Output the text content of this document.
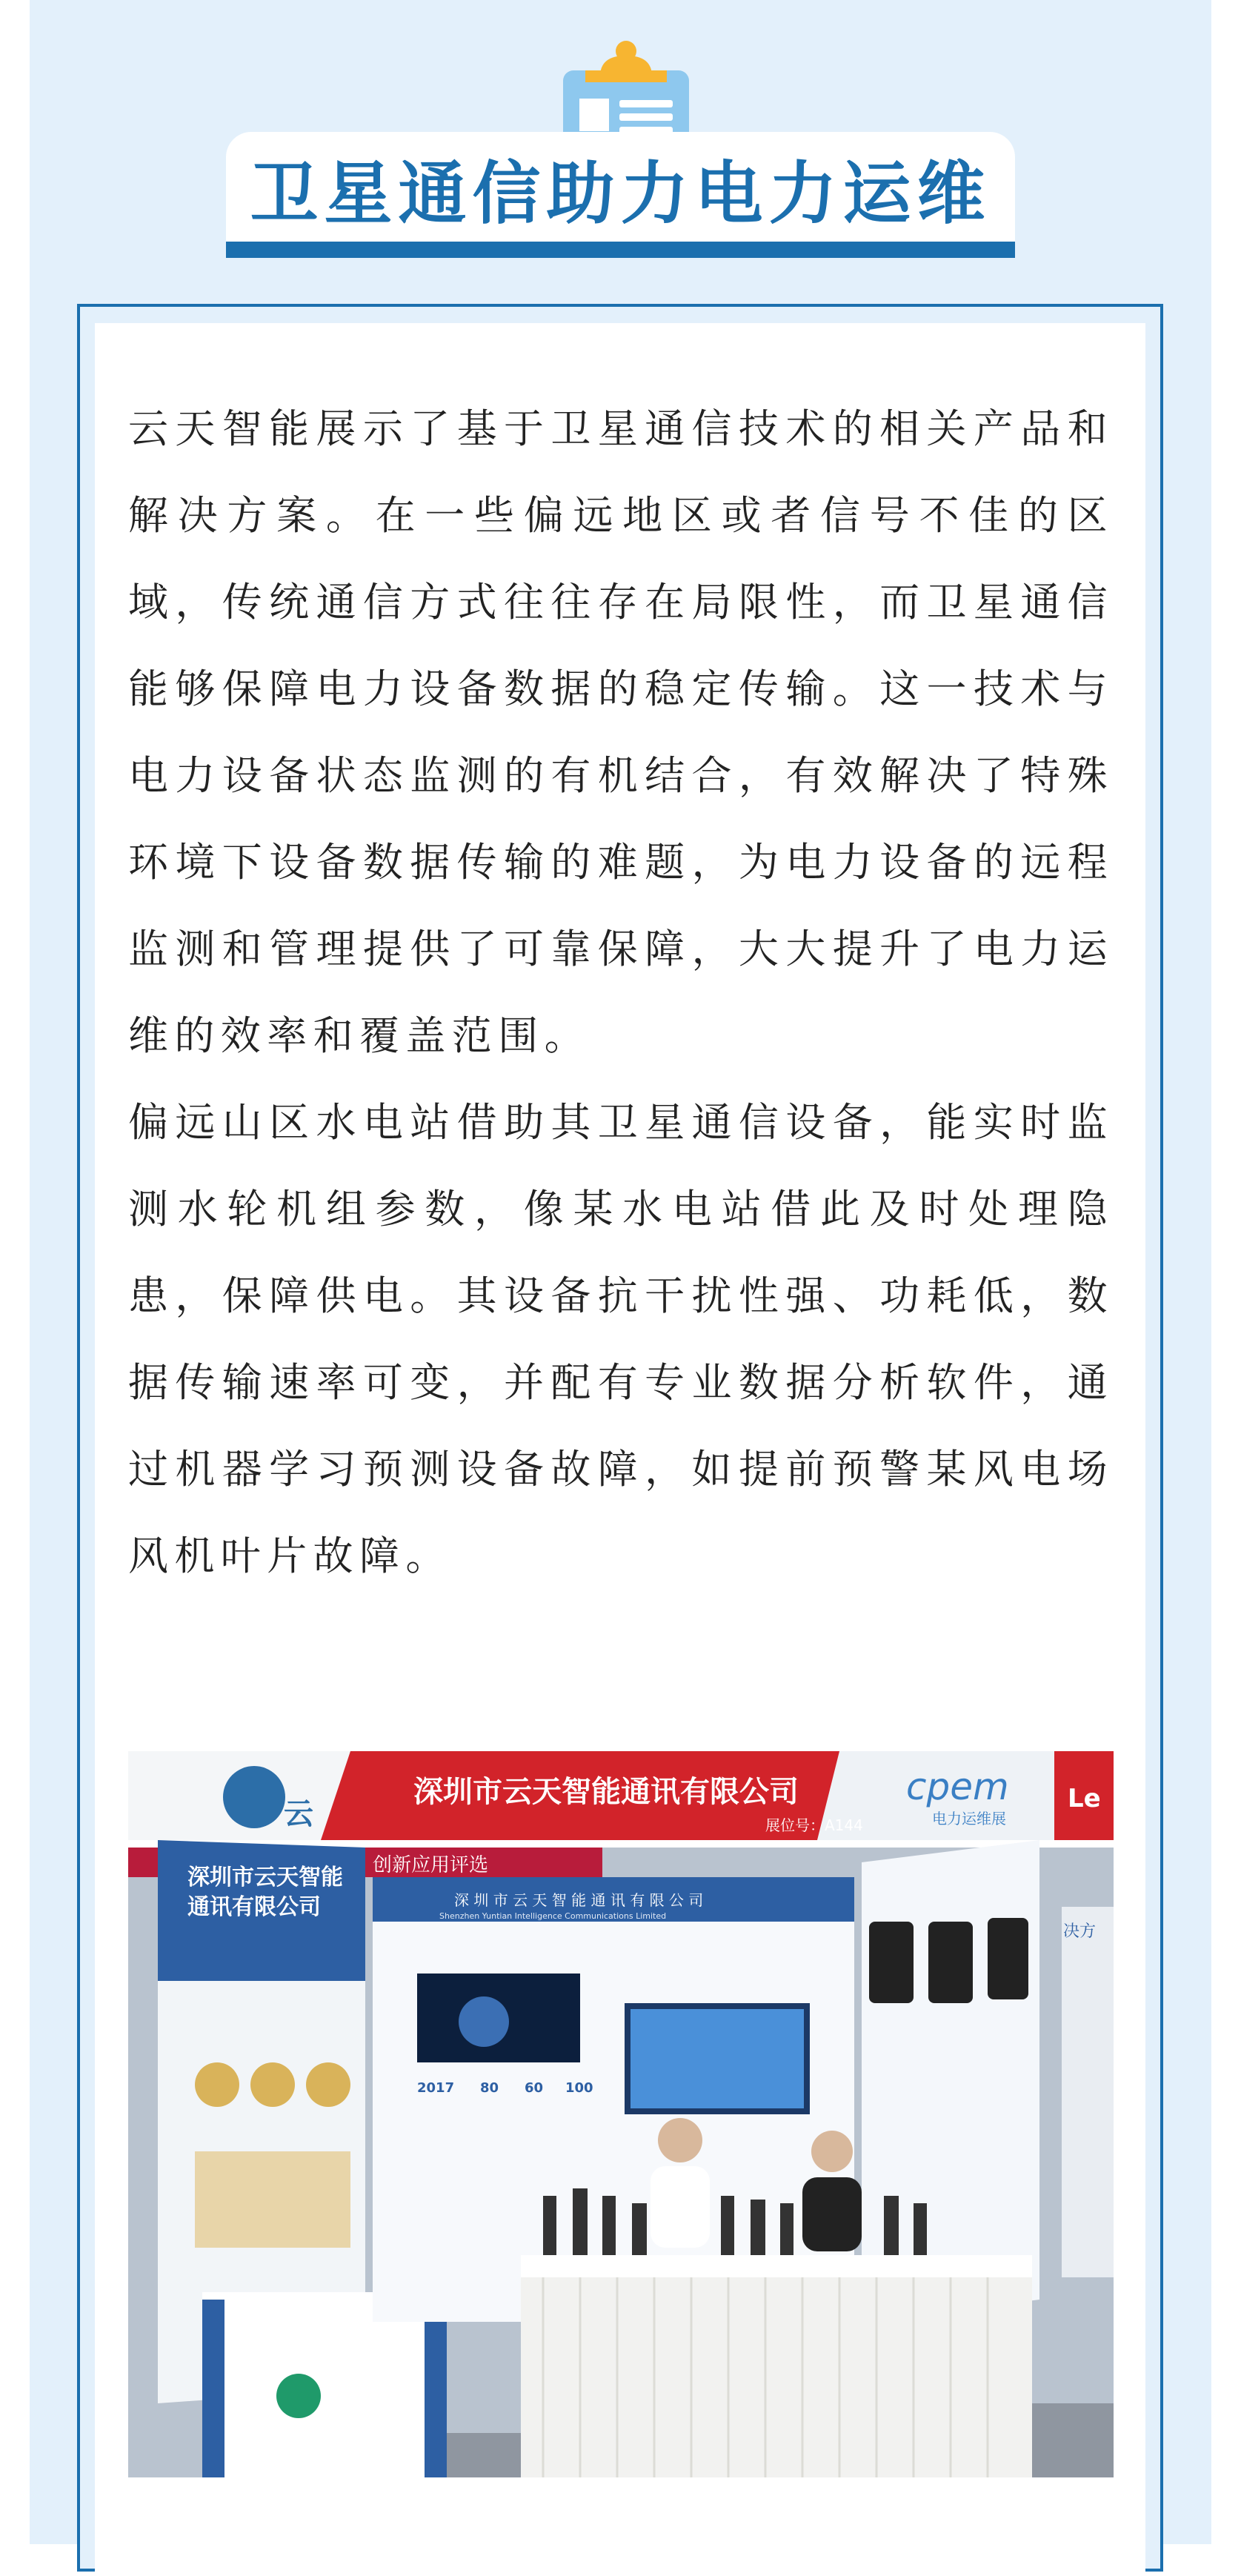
卫星通信助力电力运维

云天智能展示了基于卫星通信技术的相关产品和解决方案。在一些偏远地区或者信号不佳的区域，传统通信方式往往存在局限性，而卫星通信能够保障电力设备数据的稳定传输。这一技术与电力设备状态监测的有机结合，有效解决了特殊环境下设备数据传输的难题，为电力设备的远程监测和管理提供了可靠保障，大大提升了电力运维的效率和覆盖范围。

偏远山区水电站借助其卫星通信设备，能实时监测水轮机组参数，像某水电站借此及时处理隐患，保障供电。其设备抗干扰性强、功耗低，数据传输速率可变，并配有专业数据分析软件，通过机器学习预测设备故障，如提前预警某风电场风机叶片故障。

Le
云
深圳市云天智能通讯有限公司
展位号：A144
cpem
电力运维展
创新应用评选
深圳市云天智能
通讯有限公司	深 圳 市 云 天 智 能 通 讯 有 限 公 司
Shenzhen Yuntian Intelligence Communications Limited
2017 80 60 100
决方
